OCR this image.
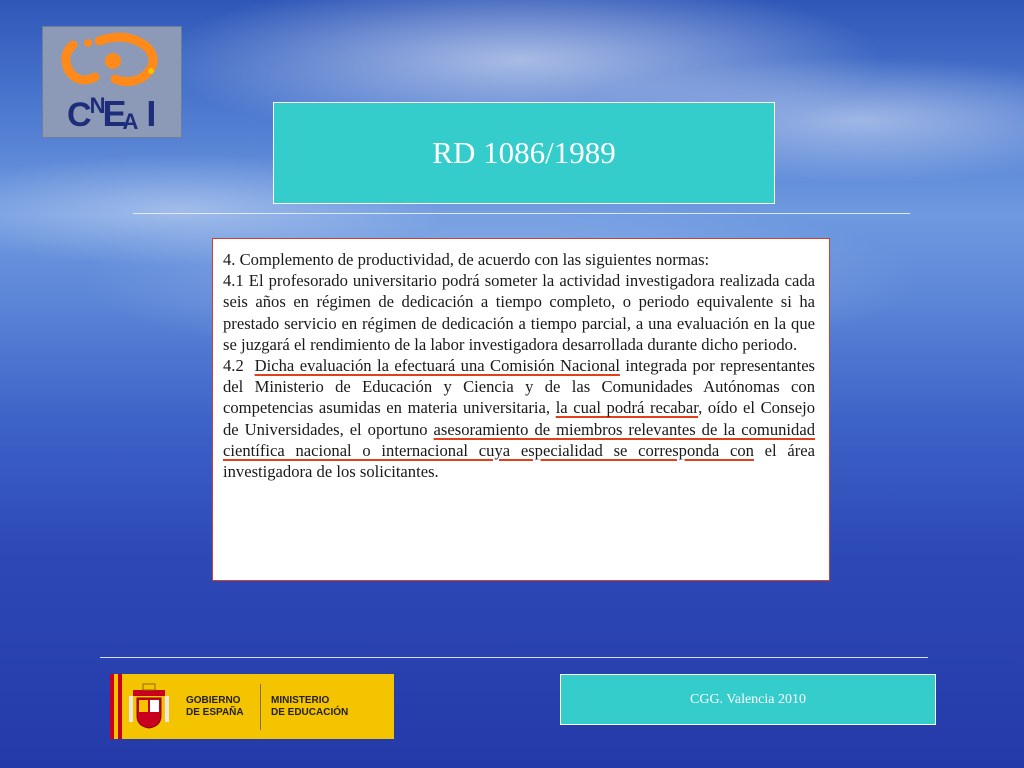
CNEA I
RD 1086/1989

4. Complemento de productividad, de acuerdo con las siguientes normas:

4.1 El profesorado universitario podrá someter la actividad investigadora realizada cada seis años en régimen de dedicación a tiempo completo, o periodo equivalente si ha prestado servicio en régimen de dedicación a tiempo parcial, a una evaluación en la que se juzgará el rendimiento de la labor investigadora desarrollada durante dicho periodo.

4.2 Dicha evaluación la efectuará una Comisión Nacional integrada por representantes del Ministerio de Educación y Ciencia y de las Comunidades Autónomas con competencias asumidas en materia universitaria, la cual podrá recabar, oído el Consejo de Universidades, el oportuno asesoramiento de miembros relevantes de la comunidad científica nacional o internacional cuya especialidad se corresponda con el área investigadora de los solicitantes.

GOBIERNO
DE ESPAÑA
MINISTERIO
DE EDUCACIÓN
CGG. Valencia 2010
